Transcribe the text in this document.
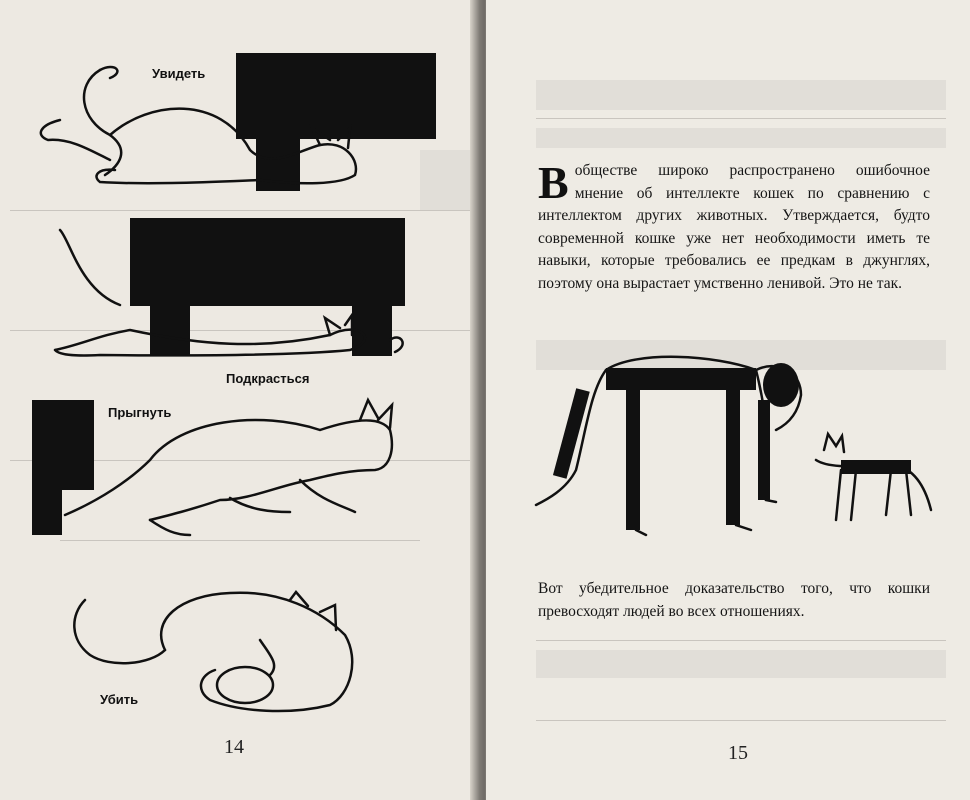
Увидеть
Подкрасться
Прыгнуть
Убить
14
В обществе широко распространено ошибочное мнение об интеллекте кошек по сравнению с интеллектом других животных. Утверждается, будто современной кошке уже нет необходимости иметь те навыки, которые требовались ее предкам в джунглях, поэтому она вырастает умственно ленивой. Это не так.
Вот убедительное доказательство того, что кошки превосходят людей во всех отношениях.
15
